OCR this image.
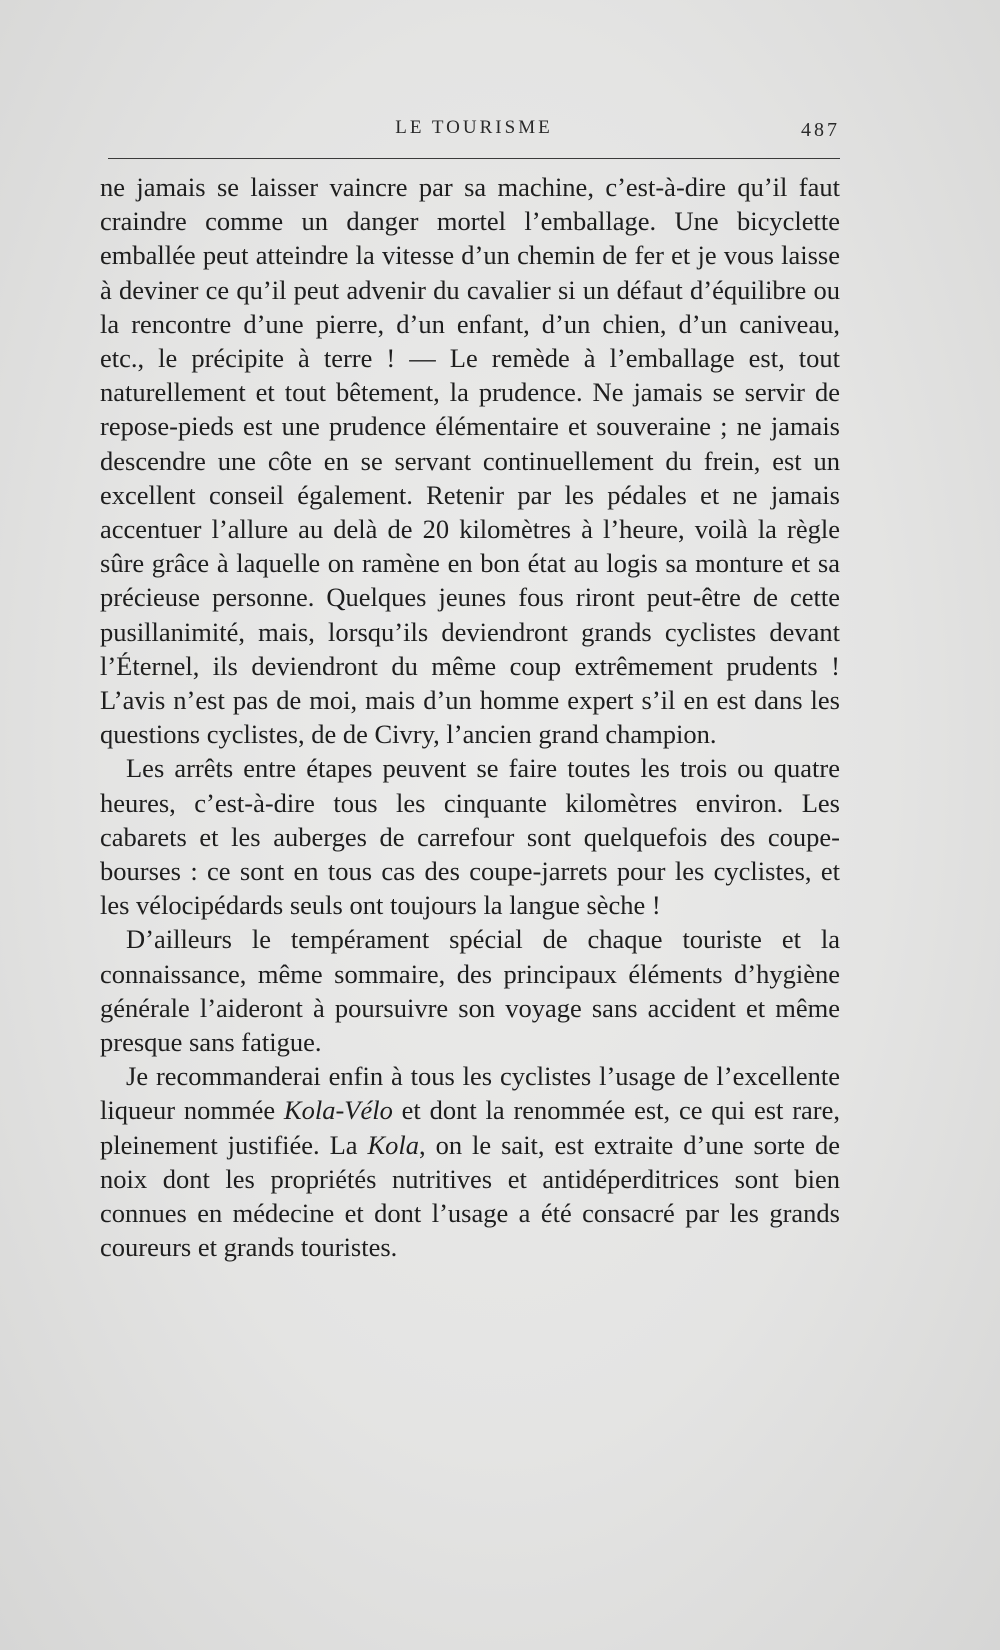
LE TOURISME	487

ne jamais se laisser vaincre par sa machine, c’est-à-dire qu’il faut craindre comme un danger mortel l’emballage. Une bicyclette emballée peut atteindre la vitesse d’un chemin de fer et je vous laisse à deviner ce qu’il peut advenir du cavalier si un défaut d’équilibre ou la rencontre d’une pierre, d’un enfant, d’un chien, d’un caniveau, etc., le précipite à terre ! — Le remède à l’emballage est, tout naturellement et tout bêtement, la prudence. Ne jamais se servir de repose-pieds est une prudence élémentaire et souveraine ; ne jamais descendre une côte en se servant continuellement du frein, est un excellent conseil également. Retenir par les pédales et ne jamais accentuer l’allure au delà de 20 kilomètres à l’heure, voilà la règle sûre grâce à laquelle on ramène en bon état au logis sa monture et sa précieuse personne. Quelques jeunes fous riront peut-être de cette pusillanimité, mais, lorsqu’ils deviendront grands cyclistes devant l’Éternel, ils deviendront du même coup extrêmement prudents ! L’avis n’est pas de moi, mais d’un homme expert s’il en est dans les questions cyclistes, de de Civry, l’ancien grand champion.

Les arrêts entre étapes peuvent se faire toutes les trois ou quatre heures, c’est-à-dire tous les cinquante kilomètres environ. Les cabarets et les auberges de carrefour sont quelquefois des coupe-bourses : ce sont en tous cas des coupe-jarrets pour les cyclistes, et les vélocipédards seuls ont toujours la langue sèche !

D’ailleurs le tempérament spécial de chaque touriste et la connaissance, même sommaire, des principaux éléments d’hygiène générale l’aideront à poursuivre son voyage sans accident et même presque sans fatigue.

Je recommanderai enfin à tous les cyclistes l’usage de l’excellente liqueur nommée Kola-Vélo et dont la renommée est, ce qui est rare, pleinement justifiée. La Kola, on le sait, est extraite d’une sorte de noix dont les propriétés nutritives et antidéperditrices sont bien connues en médecine et dont l’usage a été consacré par les grands coureurs et grands touristes.
